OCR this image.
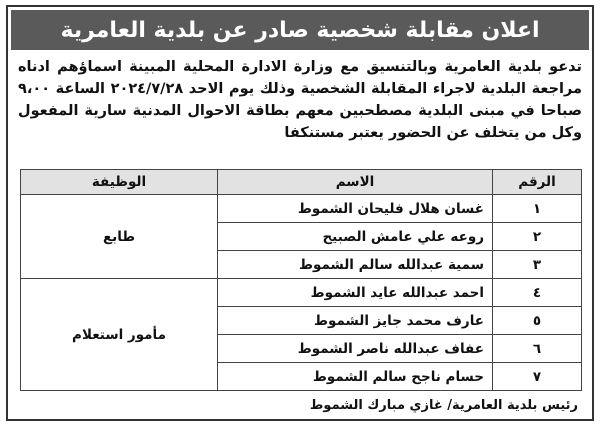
اعلان مقابلة شخصية صادر عن بلدية العامرية
تدعو بلدية العامرية وبالتنسيق مع وزارة الادارة المحلية المبينة اسماؤهم ادناه مراجعة البلدية لاجراء المقابلة الشخصية وذلك يوم الاحد ٢٠٢٤/٧/٢٨ الساعة ٩،٠٠ صباحا في مبنى البلدية مصطحبين معهم بطاقة الاحوال المدنية سارية المفعول وكل من يتخلف عن الحضور يعتبر مستنكفا
الرقم	الاسم	الوظيفة
١	غسان هلال فليحان الشموط	طابع
٢	روعه علي عامش الصبيح	
٣	سمية عبدالله سالم الشموط	
٤	احمد عبدالله عايد الشموط	مأمور استعلام
٥	عارف محمد جايز الشموط	
٦	عفاف عبدالله ناصر الشموط	
٧	حسام ناجح سالم الشموط	
رئيس بلدية العامرية/ غازي مبارك الشموط
